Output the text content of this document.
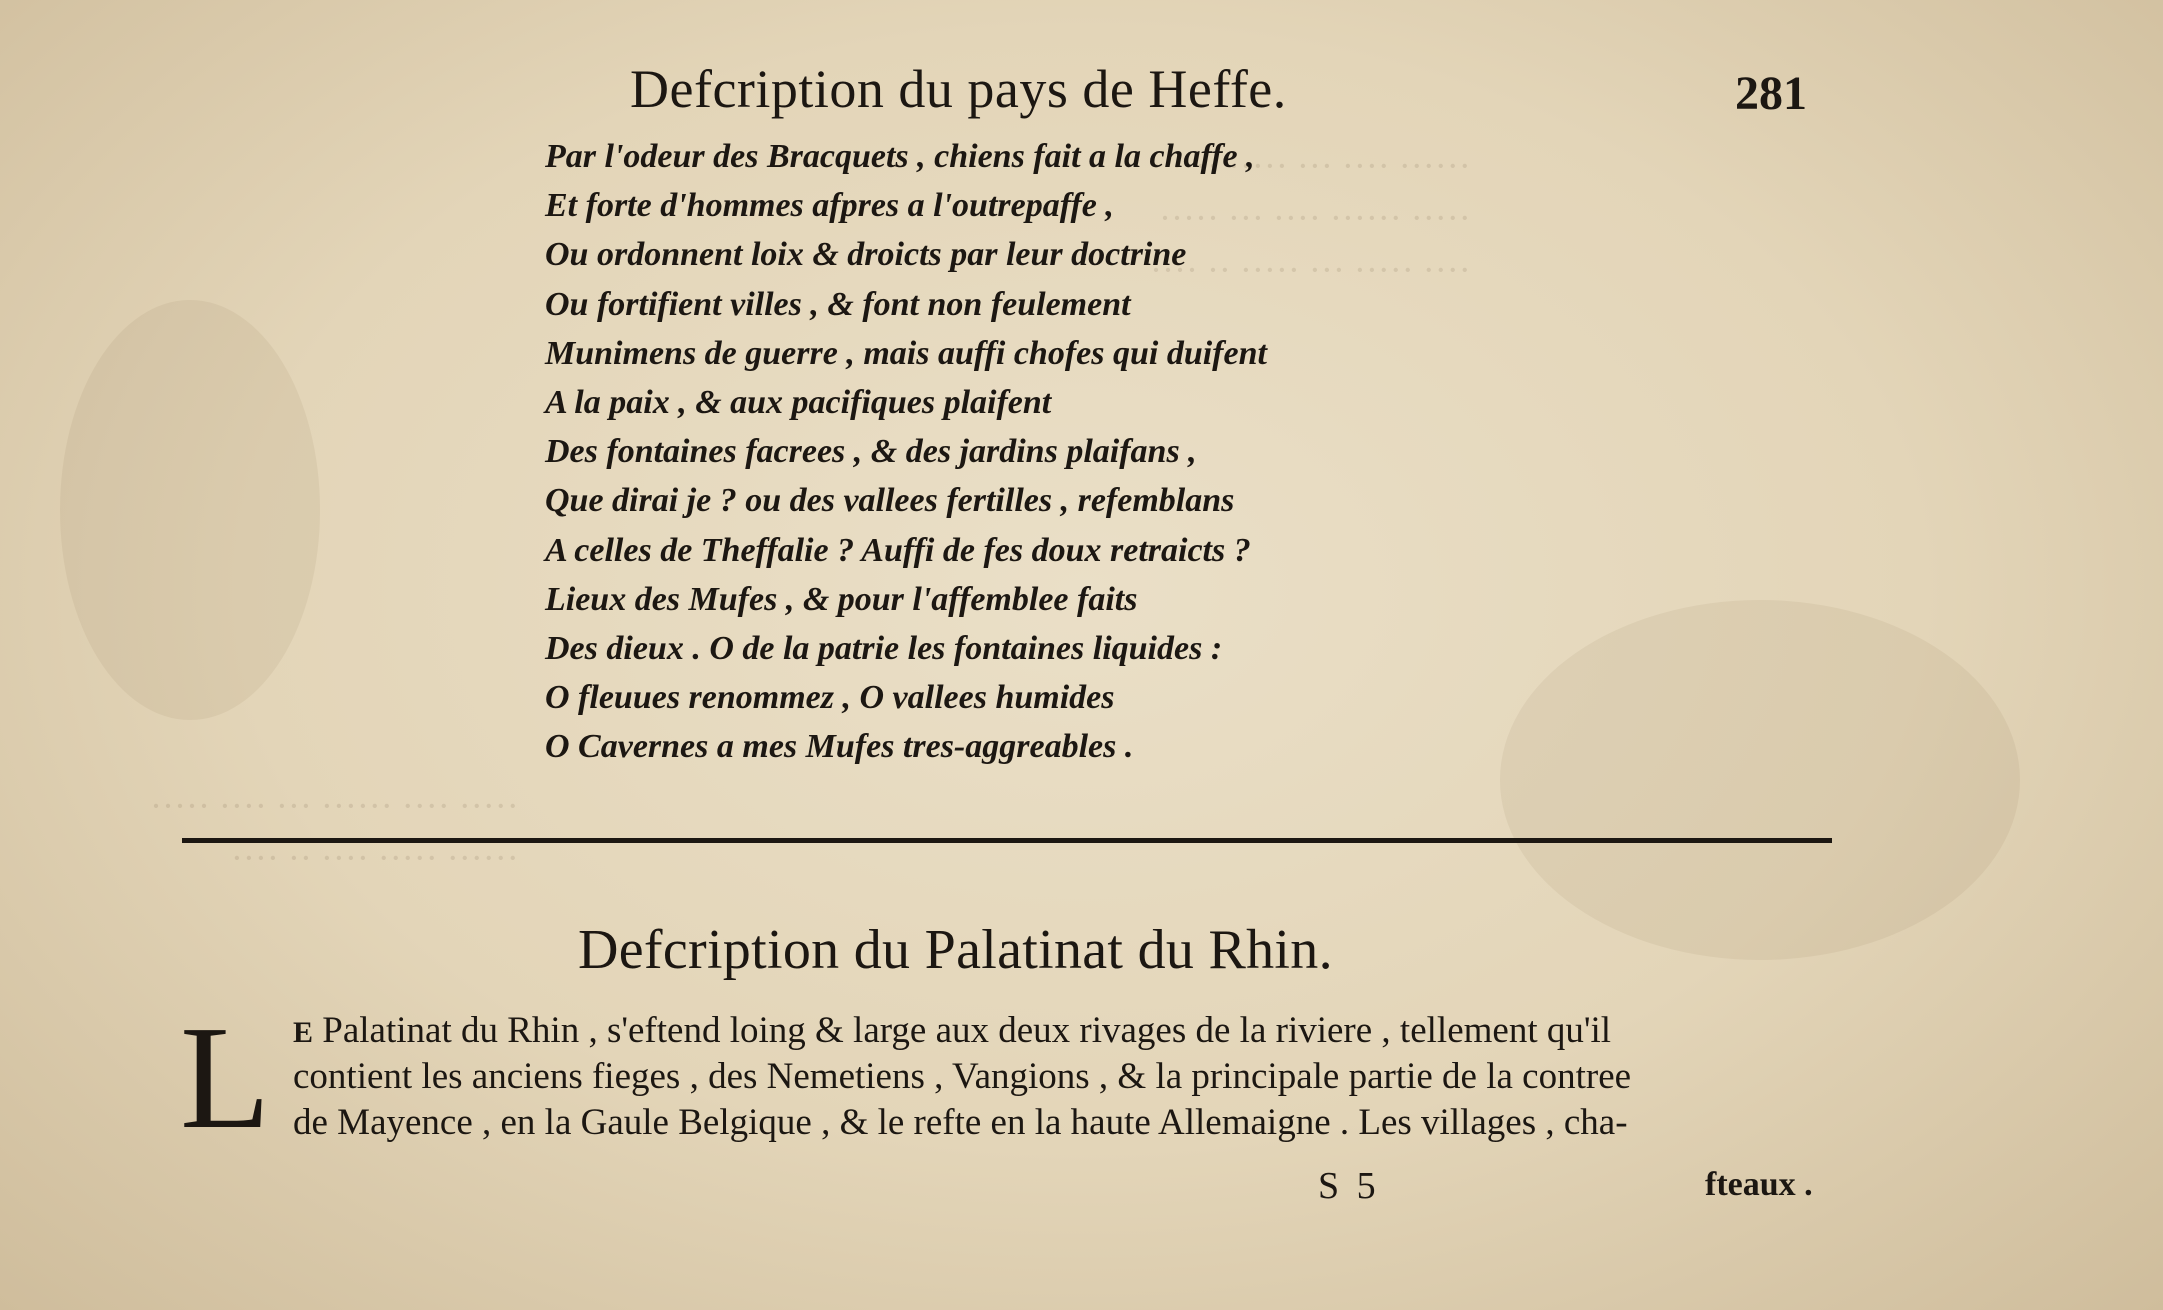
······ ···· ··· ····· ···· ·
····· ······ ···· ··· ·····
···· ····· ··· ····· ·· ····
····· ···· ······ ··· ···· ·····
······ ····· ···· ·· ····
Defcription du pays de Heffe.	281
Par l'odeur des Bracquets , chiens fait a la chaffe ,
Et forte d'hommes afpres a l'outrepaffe ,
Ou ordonnent loix & droicts par leur doctrine
Ou fortifient villes , & font non feulement
Munimens de guerre , mais auffi chofes qui duifent
A la paix , & aux pacifiques plaifent
Des fontaines facrees , & des jardins plaifans ,
Que dirai je ? ou des vallees fertilles , refemblans
A celles de Theffalie ? Auffi de fes doux retraicts ?
Lieux des Mufes , & pour l'affemblee faits
Des dieux . O de la patrie les fontaines liquides :
O fleuues renommez , O vallees humides
O Cavernes a mes Mufes tres-aggreables .
Defcription du Palatinat du Rhin.
L E Palatinat du Rhin , s'eftend loing & large aux deux rivages de la riviere , tellement qu'il
contient les anciens fieges , des Nemetiens , Vangions , & la principale partie de la contree
de Mayence , en la Gaule Belgique , & le refte en la haute Allemaigne . Les villages , cha-
S 5	fteaux .
